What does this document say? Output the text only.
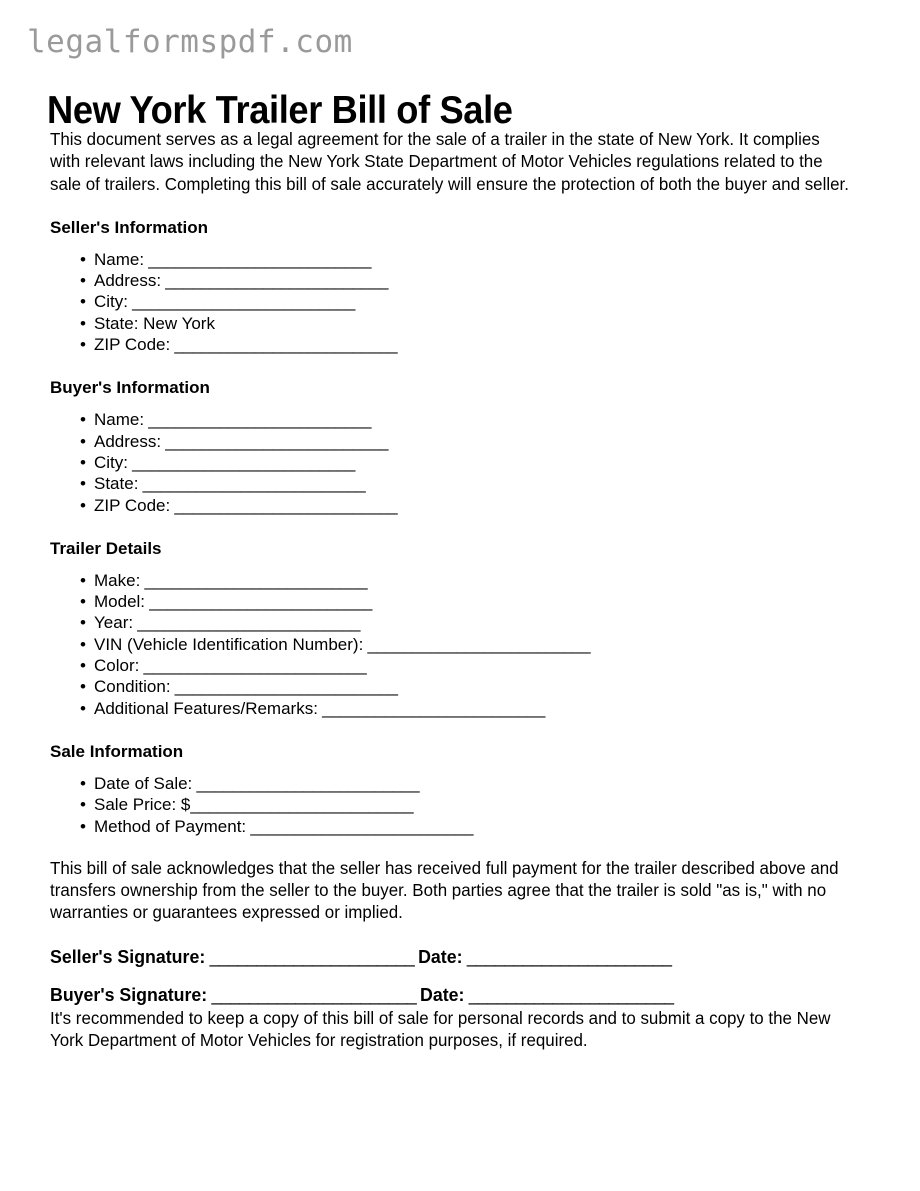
legalformspdf.com
New York Trailer Bill of Sale

This document serves as a legal agreement for the sale of a trailer in the state of New York. It complies with relevant laws including the New York State Department of Motor Vehicles regulations related to the sale of trailers. Completing this bill of sale accurately will ensure the protection of both the buyer and seller.

Seller's Information
• Name: _________________________
• Address: _________________________
• City: _________________________
• State: New York
• ZIP Code: _________________________
Buyer's Information
• Name: _________________________
• Address: _________________________
• City: _________________________
• State: _________________________
• ZIP Code: _________________________
Trailer Details
• Make: _________________________
• Model: _________________________
• Year: _________________________
• VIN (Vehicle Identification Number): _________________________
• Color: _________________________
• Condition: _________________________
• Additional Features/Remarks: _________________________
Sale Information
• Date of Sale: _________________________
• Sale Price: $_________________________
• Method of Payment: _________________________

This bill of sale acknowledges that the seller has received full payment for the trailer described above and transfers ownership from the seller to the buyer. Both parties agree that the trailer is sold "as is," with no warranties or guarantees expressed or implied.

Seller's Signature: ______________________ Date: ______________________
Buyer's Signature: ______________________ Date: ______________________

It's recommended to keep a copy of this bill of sale for personal records and to submit a copy to the New York Department of Motor Vehicles for registration purposes, if required.
